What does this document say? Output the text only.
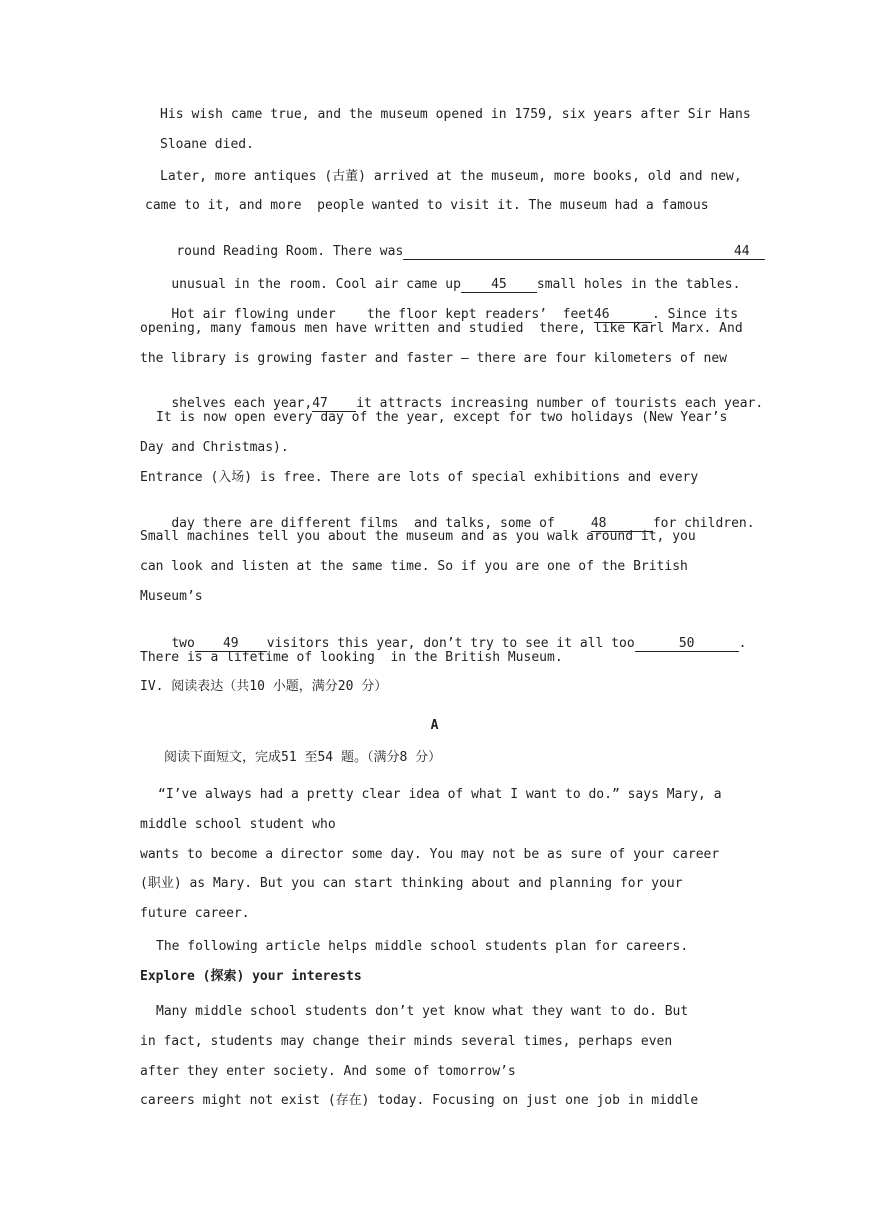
His wish came true, and the museum opened in 1759, six years after Sir Hans
Sloane died.
Later, more antiques (古董) arrived at the museum, more books, old and new,
came to it, and more  people wanted to visit it. The museum had a famous

round Reading Room. There was	44

unusual in the room. Cool air came up 45 small holes in the tables.

Hot air flowing under    the floor kept readers’  feet46	. Since its

opening, many famous men have written and studied  there, like Karl Marx. And
the library is growing faster and faster — there are four kilometers of new

shelves each year,47 it attracts increasing number of tourists each year.

It is now open every day of the year, except for two holidays (New Year’s
Day and Christmas).
Entrance (入场) is free. There are lots of special exhibitions and every

day there are different films  and talks, some of	48	for children.

Small machines tell you about the museum and as you walk around it, you
can look and listen at the same time. So if you are one of the British
Museum’s

two 49 visitors this year, don’t try to see it all too	50	.

There is a lifetime of looking  in the British Museum.
IV. 阅读表达（共10 小题，满分20 分）
A
阅读下面短文，完成51 至54 题。（满分8 分）
“I’ve always had a pretty clear idea of what I want to do.” says Mary, a
middle school student who
wants to become a director some day. You may not be as sure of your career
(职业) as Mary. But you can start thinking about and planning for your
future career.
The following article helps middle school students plan for careers.
Explore (探索) your interests
Many middle school students don’t yet know what they want to do. But
in fact, students may change their minds several times, perhaps even
after they enter society. And some of tomorrow’s
careers might not exist (存在) today. Focusing on just one job in middle
